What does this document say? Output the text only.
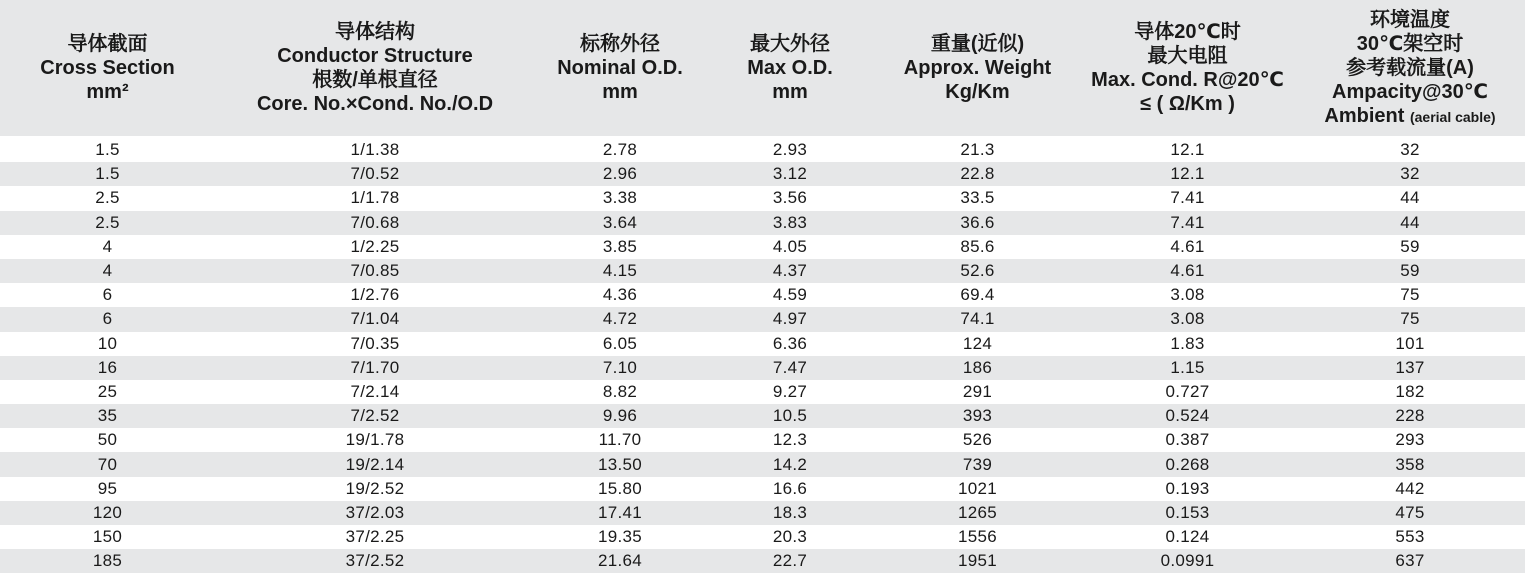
导体截面
Cross Section
mm²	导体结构
Conductor Structure
根数/单根直径
Core. No.×Cond. No./O.D	标称外径
Nominal O.D.
mm	最大外径
Max O.D.
mm	重量(近似)
Approx. Weight
Kg/Km	导体20℃时
最大电阻
Max. Cond. R@20℃
≤ ( Ω/Km )	环境温度
30℃架空时
参考载流量(A)
Ampacity@30℃
Ambient (aerial cable)

1.5	1/1.38	2.78	2.93	21.3	12.1	32
1.5	7/0.52	2.96	3.12	22.8	12.1	32
2.5	1/1.78	3.38	3.56	33.5	7.41	44
2.5	7/0.68	3.64	3.83	36.6	7.41	44
4	1/2.25	3.85	4.05	85.6	4.61	59
4	7/0.85	4.15	4.37	52.6	4.61	59
6	1/2.76	4.36	4.59	69.4	3.08	75
6	7/1.04	4.72	4.97	74.1	3.08	75
10	7/0.35	6.05	6.36	124	1.83	101
16	7/1.70	7.10	7.47	186	1.15	137
25	7/2.14	8.82	9.27	291	0.727	182
35	7/2.52	9.96	10.5	393	0.524	228
50	19/1.78	11.70	12.3	526	0.387	293
70	19/2.14	13.50	14.2	739	0.268	358
95	19/2.52	15.80	16.6	1021	0.193	442
120	37/2.03	17.41	18.3	1265	0.153	475
150	37/2.25	19.35	20.3	1556	0.124	553
185	37/2.52	21.64	22.7	1951	0.0991	637
